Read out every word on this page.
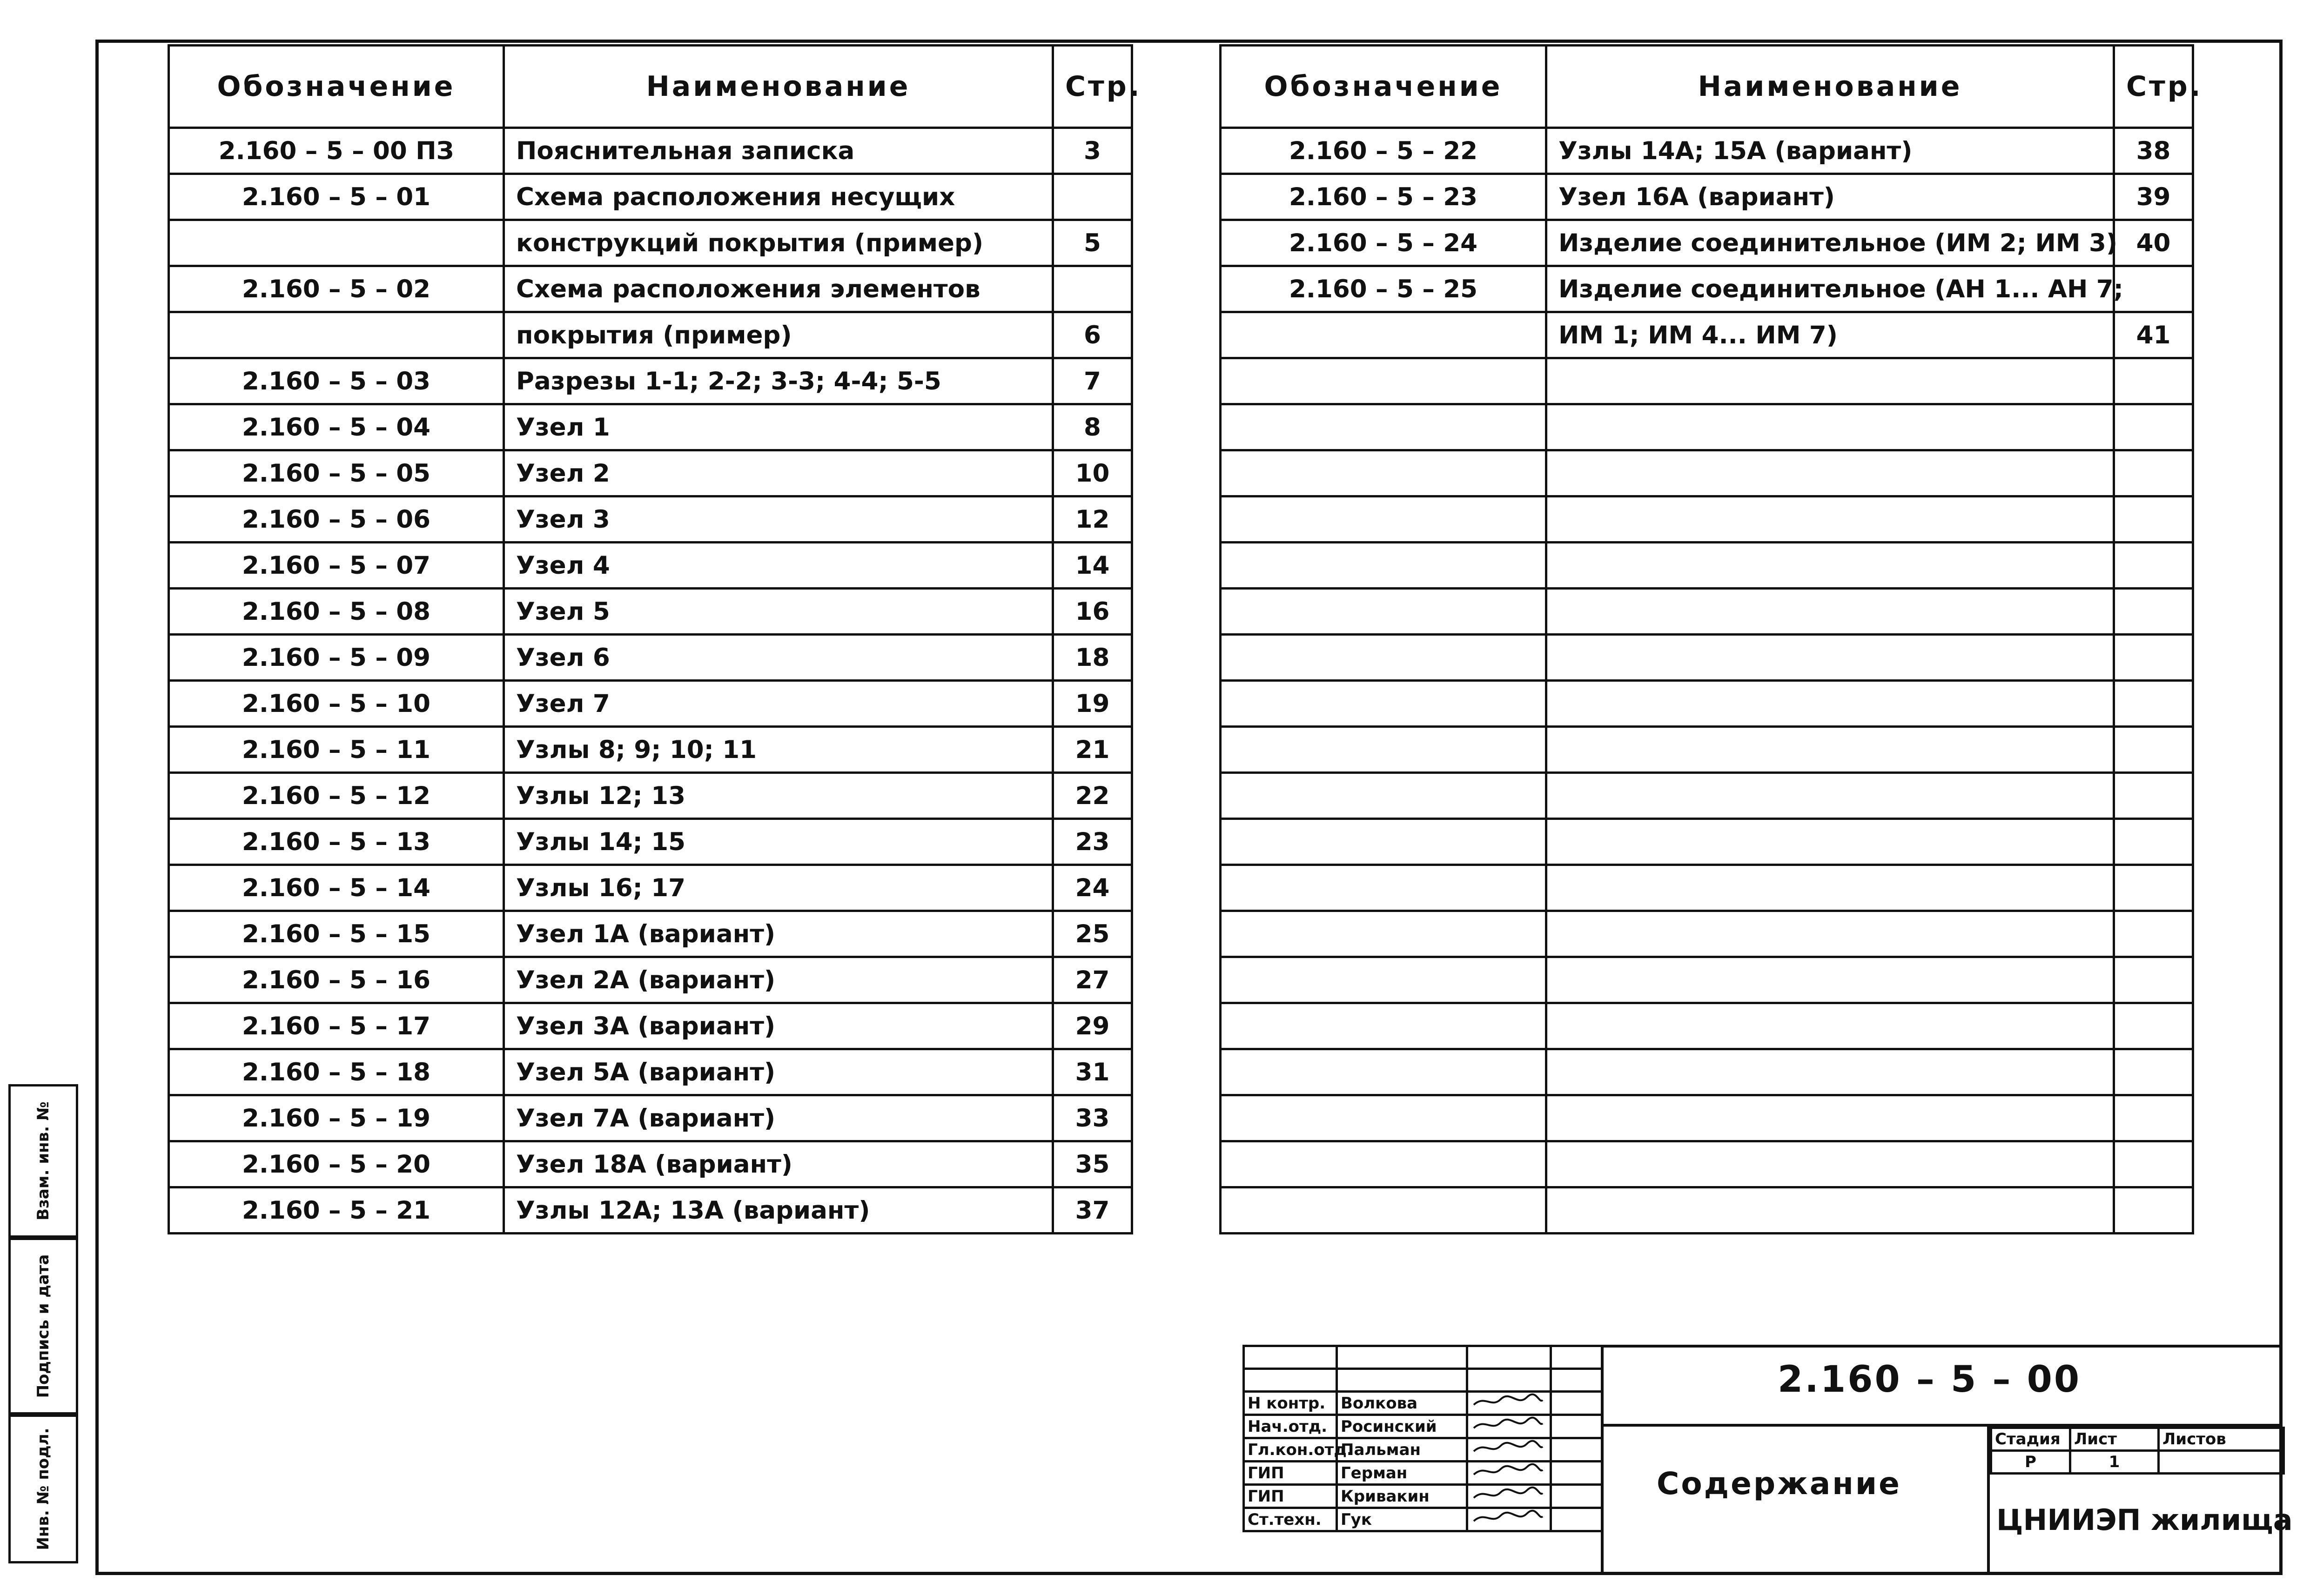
Обозначение	Наименование	Стр.
2.160 – 5 – 00 ПЗ	Пояснительная записка	3
2.160 – 5 – 01	Схема расположения несущих	
	конструкций покрытия (пример)	5
2.160 – 5 – 02	Схема расположения элементов	
	покрытия (пример)	6
2.160 – 5 – 03	Разрезы 1-1; 2-2; 3-3; 4-4; 5-5	7
2.160 – 5 – 04	Узел 1	8
2.160 – 5 – 05	Узел 2	10
2.160 – 5 – 06	Узел 3	12
2.160 – 5 – 07	Узел 4	14
2.160 – 5 – 08	Узел 5	16
2.160 – 5 – 09	Узел 6	18
2.160 – 5 – 10	Узел 7	19
2.160 – 5 – 11	Узлы 8; 9; 10; 11	21
2.160 – 5 – 12	Узлы 12; 13	22
2.160 – 5 – 13	Узлы 14; 15	23
2.160 – 5 – 14	Узлы 16; 17	24
2.160 – 5 – 15	Узел 1А (вариант)	25
2.160 – 5 – 16	Узел 2А (вариант)	27
2.160 – 5 – 17	Узел 3А (вариант)	29
2.160 – 5 – 18	Узел 5А (вариант)	31
2.160 – 5 – 19	Узел 7А (вариант)	33
2.160 – 5 – 20	Узел 18А (вариант)	35
2.160 – 5 – 21	Узлы 12А; 13А (вариант)	37
Обозначение	Наименование	Стр.
2.160 – 5 – 22	Узлы 14А; 15А (вариант)	38
2.160 – 5 – 23	Узел 16А (вариант)	39
2.160 – 5 – 24	Изделие соединительное (ИМ 2; ИМ 3)	40
2.160 – 5 – 25	Изделие соединительное (АН 1... АН 7;	
	ИМ 1; ИМ 4... ИМ 7)	41

Н контр.	Волкова		
Нач.отд.	Росинский		
Гл.кон.отд.	Пальман		
ГИП	Герман		
ГИП	Кривакин		
Ст.техн.	Гук		
2.160 – 5 – 00
Содержание
Стадия	Лист	Листов
Р	1	
ЦНИИЭП жилища
Взам. инв. №
Подпись и дата
Инв. № подл.
